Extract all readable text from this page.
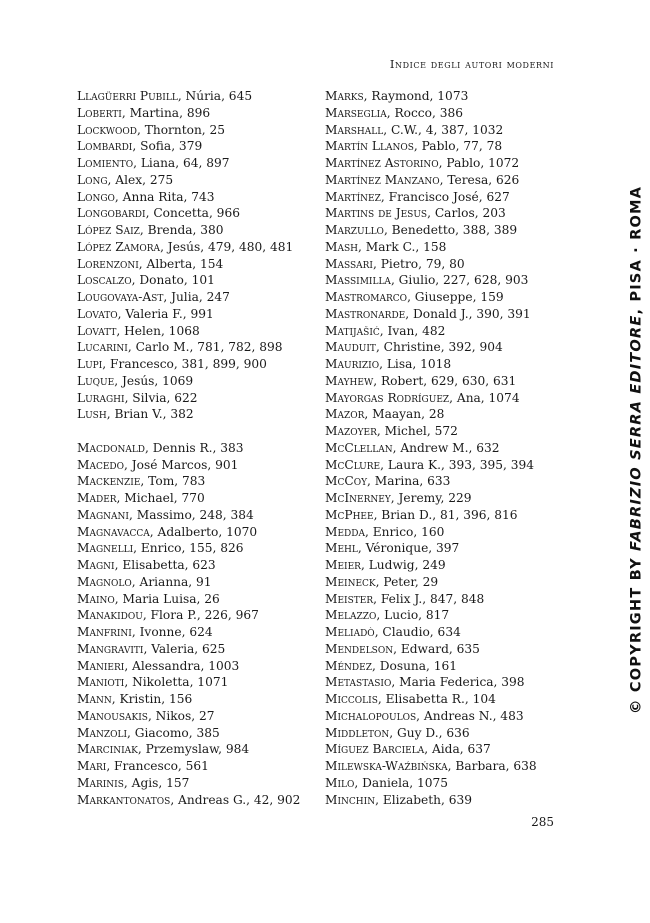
Indice degli autori moderni
Llagüerri Pubill, Núria, 645
Loberti, Martina, 896
Lockwood, Thornton, 25
Lombardi, Sofia, 379
Lomiento, Liana, 64, 897
Long, Alex, 275
Longo, Anna Rita, 743
Longobardi, Concetta, 966
López Saiz, Brenda, 380
López Zamora, Jesús, 479, 480, 481
Lorenzoni, Alberta, 154
Loscalzo, Donato, 101
Lougovaya-Ast, Julia, 247
Lovato, Valeria F., 991
Lovatt, Helen, 1068
Lucarini, Carlo M., 781, 782, 898
Lupi, Francesco, 381, 899, 900
Luque, Jesús, 1069
Luraghi, Silvia, 622
Lush, Brian V., 382
Macdonald, Dennis R., 383
Macedo, José Marcos, 901
Mackenzie, Tom, 783
Mader, Michael, 770
Magnani, Massimo, 248, 384
Magnavacca, Adalberto, 1070
Magnelli, Enrico, 155, 826
Magni, Elisabetta, 623
Magnolo, Arianna, 91
Maino, Maria Luisa, 26
Manakidou, Flora P., 226, 967
Manfrini, Ivonne, 624
Mangraviti, Valeria, 625
Manieri, Alessandra, 1003
Manioti, Nikoletta, 1071
Mann, Kristin, 156
Manousakis, Nikos, 27
Manzoli, Giacomo, 385
Marciniak, Przemyslaw, 984
Mari, Francesco, 561
Marinis, Agis, 157
Markantonatos, Andreas G., 42, 902
Marks, Raymond, 1073
Marseglia, Rocco, 386
Marshall, C.W., 4, 387, 1032
Martín Llanos, Pablo, 77, 78
Martínez Astorino, Pablo, 1072
Martínez Manzano, Teresa, 626
Martínez, Francisco José, 627
Martins de Jesus, Carlos, 203
Marzullo, Benedetto, 388, 389
Mash, Mark C., 158
Massari, Pietro, 79, 80
Massimilla, Giulio, 227, 628, 903
Mastromarco, Giuseppe, 159
Mastronarde, Donald J., 390, 391
Matijašić, Ivan, 482
Mauduit, Christine, 392, 904
Maurizio, Lisa, 1018
Mayhew, Robert, 629, 630, 631
Mayorgas Rodríguez, Ana, 1074
Mazor, Maayan, 28
Mazoyer, Michel, 572
McClellan, Andrew M., 632
McClure, Laura K., 393, 395, 394
McCoy, Marina, 633
McInerney, Jeremy, 229
McPhee, Brian D., 81, 396, 816
Medda, Enrico, 160
Mehl, Véronique, 397
Meier, Ludwig, 249
Meineck, Peter, 29
Meister, Felix J., 847, 848
Melazzo, Lucio, 817
Meliadò, Claudio, 634
Mendelson, Edward, 635
Méndez, Dosuna, 161
Metastasio, Maria Federica, 398
Miccolis, Elisabetta R., 104
Michalopoulos, Andreas N., 483
Middleton, Guy D., 636
Míguez Barciela, Aida, 637
Milewska-Waźbińska, Barbara, 638
Milo, Daniela, 1075
Minchin, Elizabeth, 639
285
© COPYRIGHT BY FABRIZIO SERRA EDITORE, PISA · ROMA
